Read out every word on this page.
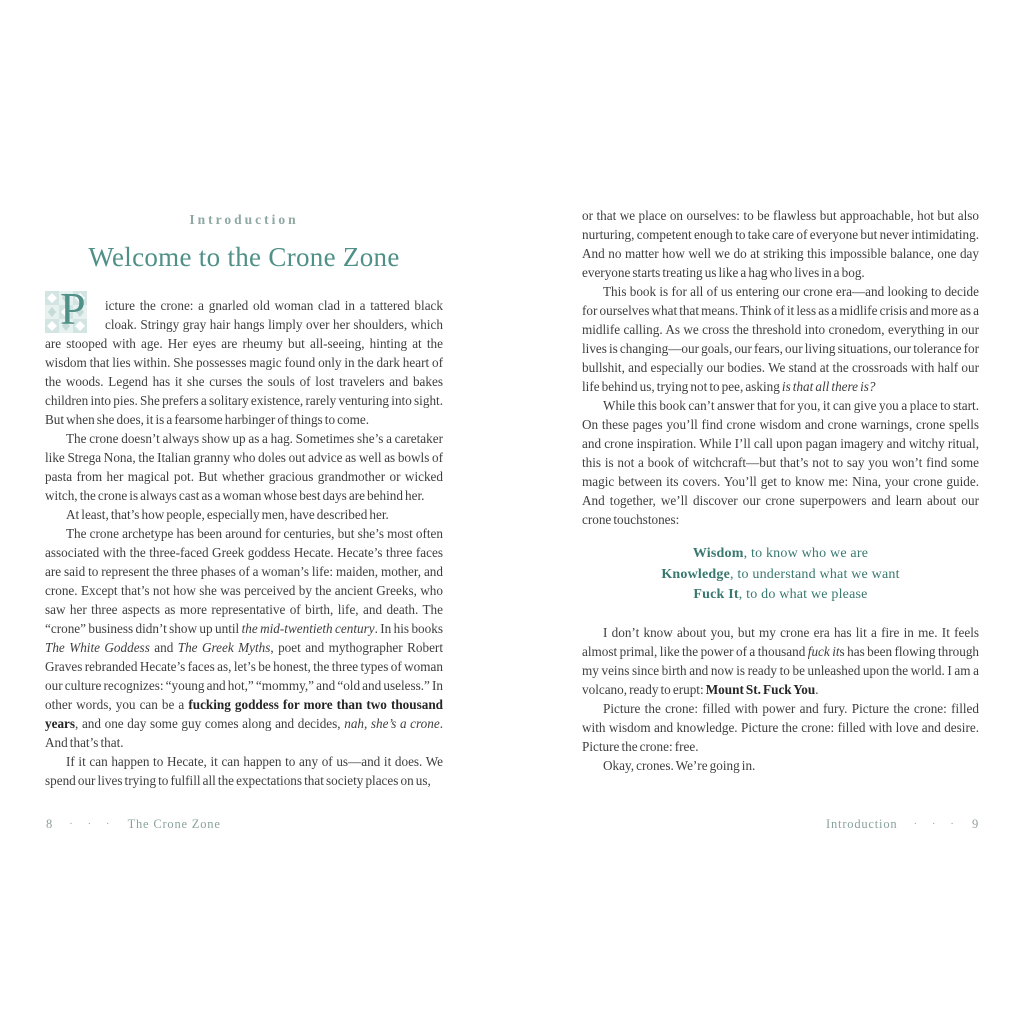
Introduction
Welcome to the Crone Zone
P	icture the crone: a gnarled old woman clad in a tattered black cloak. Stringy gray hair hangs limply over her shoulders, which are stooped with age. Her eyes are rheumy but all-seeing, hinting at the wisdom that lies within. She possesses magic found only in the dark heart of the woods. Legend has it she curses the souls of lost travelers and bakes children into pies. She prefers a solitary existence, rarely venturing into sight. But when she does, it is a fearsome harbinger of things to come.

The crone doesn’t always show up as a hag. Sometimes she’s a caretaker like Strega Nona, the Italian granny who doles out advice as well as bowls of pasta from her magical pot. But whether gracious grandmother or wicked witch, the crone is always cast as a woman whose best days are behind her.

At least, that’s how people, especially men, have described her.

The crone archetype has been around for centuries, but she’s most often associated with the three-faced Greek goddess Hecate. Hecate’s three faces are said to represent the three phases of a woman’s life: maiden, mother, and crone. Except that’s not how she was perceived by the ancient Greeks, who saw her three aspects as more representative of birth, life, and death. The “crone” business didn’t show up until the mid-twentieth century. In his books The White Goddess and The Greek Myths, poet and mythographer Robert Graves rebranded Hecate’s faces as, let’s be honest, the three types of woman our culture recognizes: “young and hot,” “mommy,” and “old and useless.” In other words, you can be a fucking goddess for more than two thousand years, and one day some guy comes along and decides, nah, she’s a crone. And that’s that.

If it can happen to Hecate, it can happen to any of us—and it does. We spend our lives trying to fulfill all the expectations that society places on us,

or that we place on ourselves: to be flawless but approachable, hot but also nurturing, competent enough to take care of everyone but never intimidating. And no matter how well we do at striking this impossible balance, one day everyone starts treating us like a hag who lives in a bog.

This book is for all of us entering our crone era—and looking to decide for ourselves what that means. Think of it less as a midlife crisis and more as a midlife calling. As we cross the threshold into cronedom, everything in our lives is changing—our goals, our fears, our living situations, our tolerance for bullshit, and especially our bodies. We stand at the crossroads with half our life behind us, trying not to pee, asking is that all there is?

While this book can’t answer that for you, it can give you a place to start. On these pages you’ll find crone wisdom and crone warnings, crone spells and crone inspiration. While I’ll call upon pagan imagery and witchy ritual, this is not a book of witchcraft—but that’s not to say you won’t find some magic between its covers. You’ll get to know me: Nina, your crone guide. And together, we’ll discover our crone superpowers and learn about our crone touchstones:

Wisdom, to know who we are
Knowledge, to understand what we want
Fuck It, to do what we please

I don’t know about you, but my crone era has lit a fire in me. It feels almost primal, like the power of a thousand fuck its has been flowing through my veins since birth and now is ready to be unleashed upon the world. I am a volcano, ready to erupt: Mount St. Fuck You.

Picture the crone: filled with power and fury. Picture the crone: filled with wisdom and knowledge. Picture the crone: filled with love and desire. Picture the crone: free.

Okay, crones. We’re going in.

8 · · · The Crone Zone	Introduction · · · 9
